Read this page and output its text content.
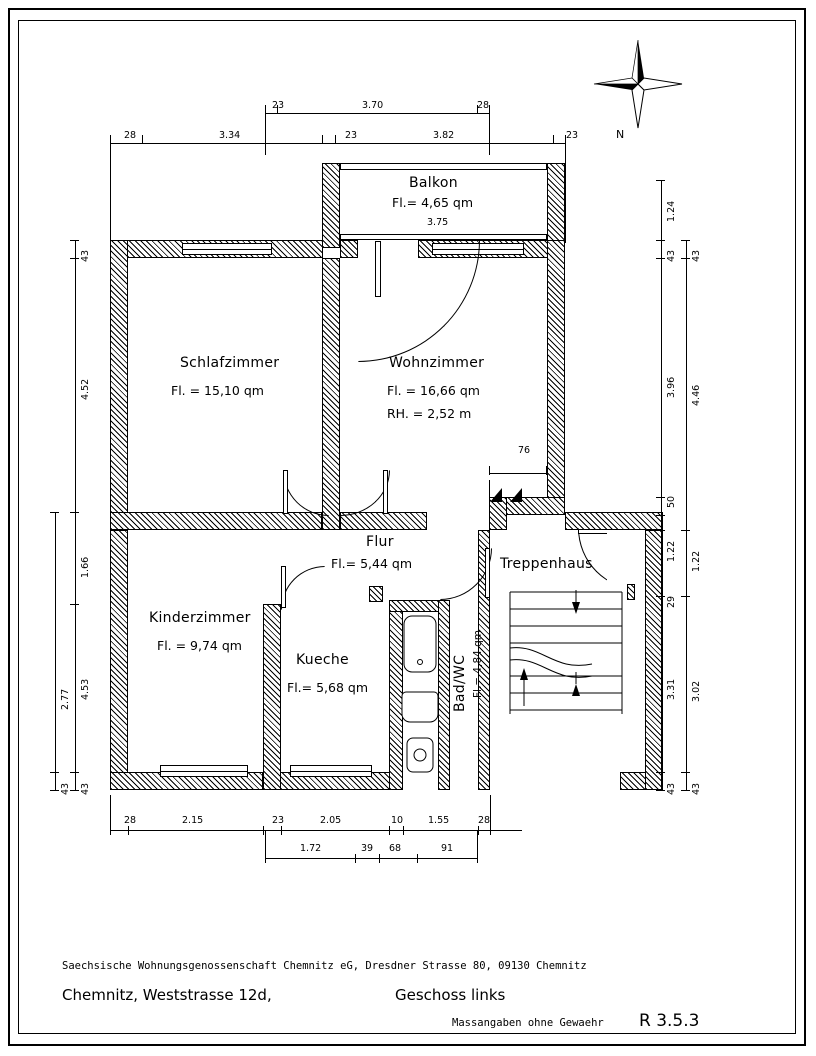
N
23	3.70	28
28	3.34	23	3.82	23
Balkon
Fl.= 4,65 qm
3.75
76
Schlafzimmer
Fl. = 15,10 qm
Wohnzimmer
Fl. = 16,66 qm
RH. = 2,52 m
Kinderzimmer
Fl. = 9,74 qm
Kueche
Fl.= 5,68 qm
Flur
Fl.= 5,44 qm
Bad/WC Fl.= 4,84 qm
Treppenhaus
43
4.52
1.66
4.53
43
2.77
43
1.24
43
3.96
50
1.22
29
3.31
43
43
4.46
1.22
3.02
43
28	2.15	23	2.05	10	1.55	28
1.72	39 68	91
Saechsische Wohnungsgenossenschaft Chemnitz eG, Dresdner Strasse 80, 09130 Chemnitz
Chemnitz, Weststrasse 12d,	Geschoss links
Massangaben ohne Gewaehr R 3.5.3
